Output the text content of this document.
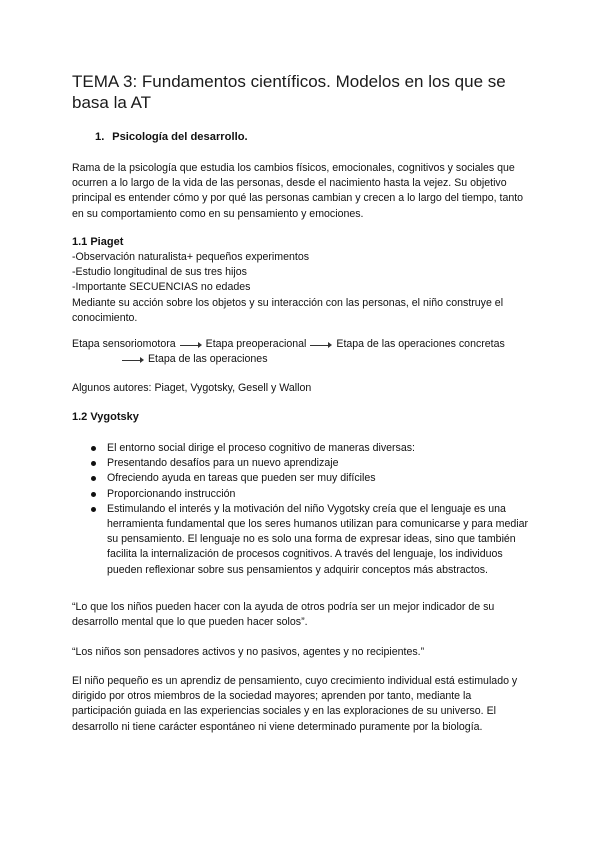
TEMA 3: Fundamentos científicos. Modelos en los que se basa la AT
1. Psicología del desarrollo.

Rama de la psicología que estudia los cambios físicos, emocionales, cognitivos y sociales que ocurren a lo largo de la vida de las personas, desde el nacimiento hasta la vejez. Su objetivo principal es entender cómo y por qué las personas cambian y crecen a lo largo del tiempo, tanto en su comportamiento como en su pensamiento y emociones.

1.1 Piaget
-Observación naturalista+ pequeños experimentos
-Estudio longitudinal de sus tres hijos
-Importante SECUENCIAS no edades
Mediante su acción sobre los objetos y su interacción con las personas, el niño construye el conocimiento.
Etapa sensoriomotora	Etapa preoperacional	Etapa de las operaciones concretas
Etapa de las operaciones

Algunos autores: Piaget, Vygotsky, Gesell y Wallon

1.2 Vygotsky
El entorno social dirige el proceso cognitivo de maneras diversas:
Presentando desafíos para un nuevo aprendizaje
Ofreciendo ayuda en tareas que pueden ser muy difíciles
Proporcionando instrucción
Estimulando el interés y la motivación del niño Vygotsky creía que el lenguaje es una herramienta fundamental que los seres humanos utilizan para comunicarse y para mediar su pensamiento. El lenguaje no es solo una forma de expresar ideas, sino que también facilita la internalización de procesos cognitivos. A través del lenguaje, los individuos pueden reflexionar sobre sus pensamientos y adquirir conceptos más abstractos.

“Lo que los niños pueden hacer con la ayuda de otros podría ser un mejor indicador de su desarrollo mental que lo que pueden hacer solos”.

“Los niños son pensadores activos y no pasivos, agentes y no recipientes.”

El niño pequeño es un aprendiz de pensamiento, cuyo crecimiento individual está estimulado y dirigido por otros miembros de la sociedad mayores; aprenden por tanto, mediante la participación guiada en las experiencias sociales y en las exploraciones de su universo. El desarrollo ni tiene carácter espontáneo ni viene determinado puramente por la biología.
